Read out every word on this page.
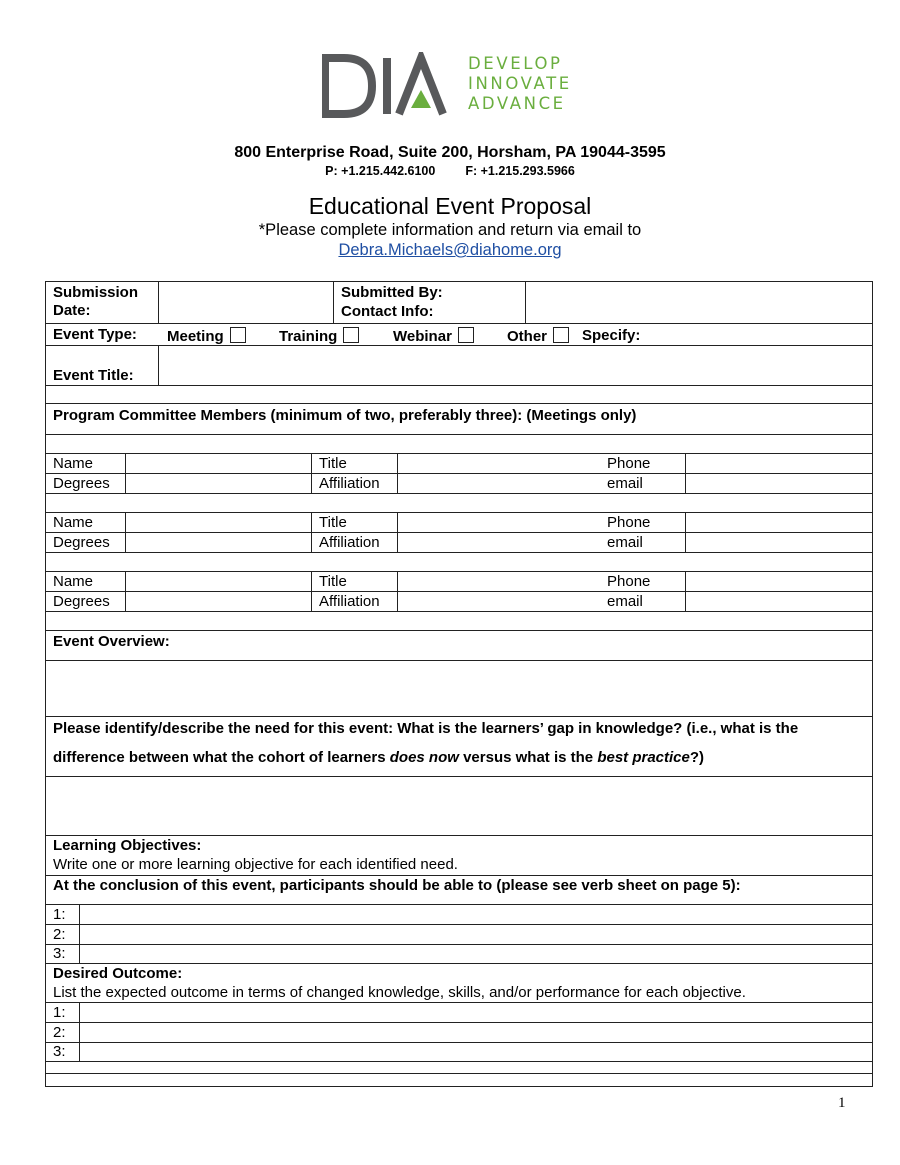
DEVELOP
INNOVATE
ADVANCE
800 Enterprise Road, Suite 200, Horsham, PA 19044-3595
P: +1.215.442.6100 F: +1.215.293.5966
Educational Event Proposal
*Please complete information and return via email to
Debra.Michaels@diahome.org
Submission
Date:
Submitted By:
Contact Info:
Event Type: Meeting	Training	Webinar	Other	Specify:
Event Title:
Program Committee Members (minimum of two, preferably three): (Meetings only)
Name	Title	Phone
Degrees	Affiliation	email
Name	Title	Phone
Degrees	Affiliation	email
Name	Title	Phone
Degrees	Affiliation	email
Event Overview:
Please identify/describe the need for this event: What is the learners’ gap in knowledge? (i.e., what is the
difference between what the cohort of learners does now versus what is the best practice?)
Learning Objectives:
Write one or more learning objective for each identified need.
At the conclusion of this event, participants should be able to (please see verb sheet on page 5):
1:
2:
3:
Desired Outcome:
List the expected outcome in terms of changed knowledge, skills, and/or performance for each objective.
1:
2:
3:
1
